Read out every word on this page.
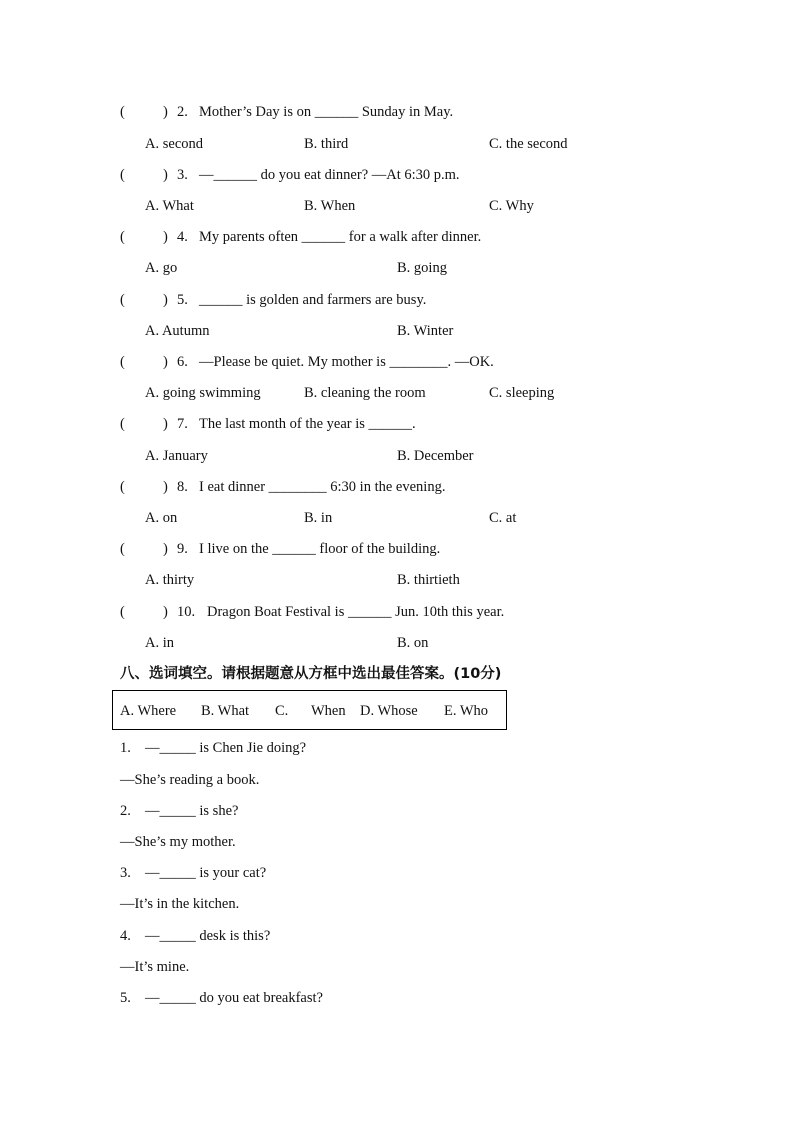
(	) 2. Mother’s Day is on ______ Sunday in May.
A. second	B. third	C. the second
(	) 3. —______ do you eat dinner? —At 6:30 p.m.
A. What	B. When	C. Why
(	) 4. My parents often ______ for a walk after dinner.
A. go	B. going
(	) 5. ______ is golden and farmers are busy.
A. Autumn	B. Winter
(	) 6. —Please be quiet. My mother is ________. —OK.
A. going swimming	B. cleaning the room	C. sleeping
(	) 7. The last month of the year is ______.
A. January	B. December
(	) 8. I eat dinner ________ 6:30 in the evening.
A. on	B. in	C. at
(	) 9. I live on the ______ floor of the building.
A. thirty	B. thirtieth
(	) 10. Dragon Boat Festival is ______ Jun. 10th this year.
A. in	B. on
八、选词填空。请根据题意从方框中选出最佳答案。(10分)
A. Where B. What C. When D. Whose E. Who
1. —_____ is Chen Jie doing?
—She’s reading a book.
2. —_____ is she?
—She’s my mother.
3. —_____ is your cat?
—It’s in the kitchen.
4. —_____ desk is this?
—It’s mine.
5. —_____ do you eat breakfast?
